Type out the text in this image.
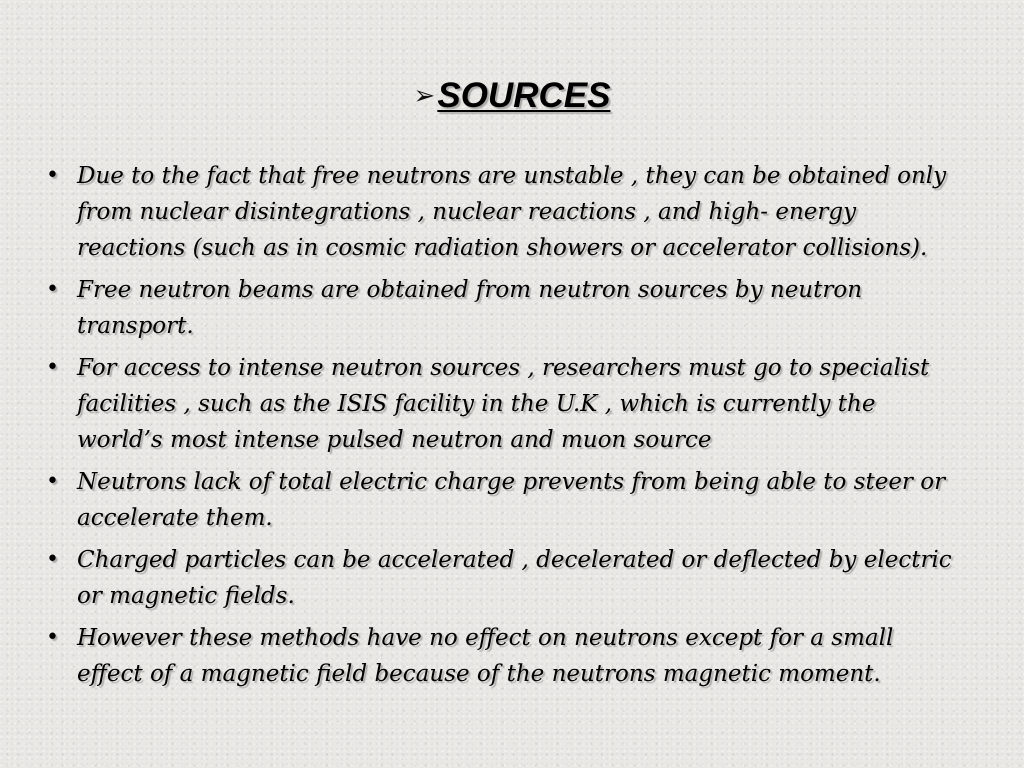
➢SOURCES
• Due to the fact that free neutrons are unstable , they can be obtained only from nuclear disintegrations , nuclear reactions , and high- energy reactions (such as in cosmic radiation showers or accelerator collisions).
• Free neutron beams are obtained from neutron sources by neutron transport.
• For access to intense neutron sources , researchers must go to specialist facilities , such as the ISIS facility in the U.K , which is currently the world’s most intense pulsed neutron and muon source
• Neutrons lack of total electric charge prevents from being able to steer or accelerate them.
• Charged particles can be accelerated , decelerated or deflected by electric or magnetic fields.
• However these methods have no effect on neutrons except for a small effect of a magnetic field because of the neutrons magnetic moment.
